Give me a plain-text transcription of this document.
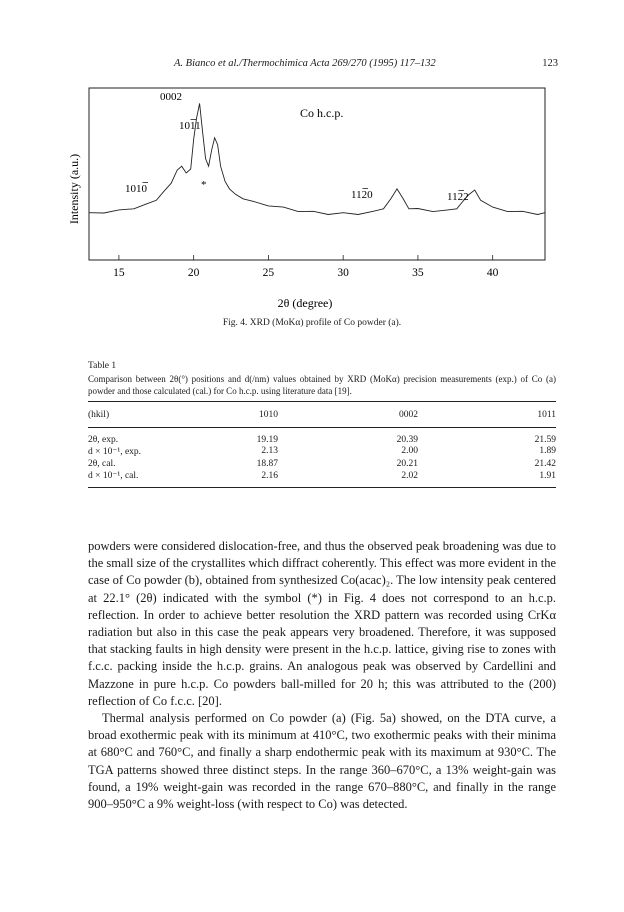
A. Bianco et al./Thermochimica Acta 269/270 (1995) 117–132	123
15	20	25	30	35	40
Intensity (a.u.)
2θ (degree)
Co h.c.p.
0002
1011
1010	*
1120	1122
Fig. 4. XRD (MoKα) profile of Co powder (a).
Table 1
Comparison between 2θ(°) positions and d(/nm) values obtained by XRD (MoKα) precision measurements (exp.) of Co (a) powder and those calculated (cal.) for Co h.c.p. using literature data [19].
(hkil)	1010	0002	1011
2θ, exp.	19.19	20.39	21.59
d × 10⁻¹, exp.	2.13	2.00	1.89
2θ, cal.	18.87	20.21	21.42
d × 10⁻¹, cal.	2.16	2.02	1.91

powders were considered dislocation-free, and thus the observed peak broadening was due to the small size of the crystallites which diffract coherently. This effect was more evident in the case of Co powder (b), obtained from synthesized Co(acac)₂. The low intensity peak centered at 22.1° (2θ) indicated with the symbol (*) in Fig. 4 does not correspond to an h.c.p. reflection. In order to achieve better resolution the XRD pattern was recorded using CrKα radiation but also in this case the peak appears very broadened. Therefore, it was supposed that stacking faults in high density were present in the h.c.p. lattice, giving rise to zones with f.c.c. packing inside the h.c.p. grains. An analogous peak was observed by Cardellini and Mazzone in pure h.c.p. Co powders ball-milled for 20 h; this was attributed to the (200) reflection of Co f.c.c. [20].

Thermal analysis performed on Co powder (a) (Fig. 5a) showed, on the DTA curve, a broad exothermic peak with its minimum at 410°C, two exothermic peaks with their minima at 680°C and 760°C, and finally a sharp endothermic peak with its maximum at 930°C. The TGA patterns showed three distinct steps. In the range 360–670°C, a 13% weight-gain was found, a 19% weight-gain was recorded in the range 670–880°C, and finally in the range 900–950°C a 9% weight-loss (with respect to Co) was detected.
